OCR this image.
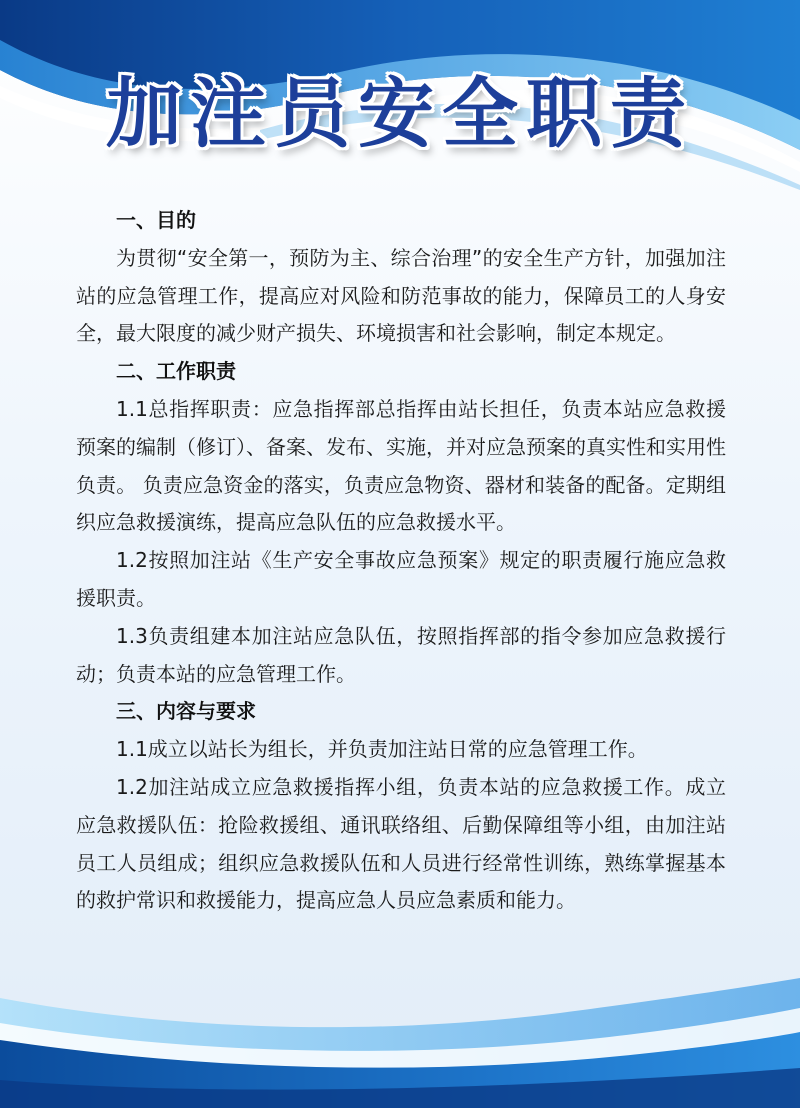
加注员安全职责
一、目的

为贯彻“安全第一，预防为主、综合治理”的安全生产方针，加强加注站的应急管理工作，提高应对风险和防范事故的能力，保障员工的人身安全，最大限度的减少财产损失、环境损害和社会影响，制定本规定。

二、工作职责

1.1总指挥职责：应急指挥部总指挥由站长担任，负责本站应急救援预案的编制（修订）、备案、发布、实施，并对应急预案的真实性和实用性负责。 负责应急资金的落实，负责应急物资、器材和装备的配备。定期组织应急救援演练，提高应急队伍的应急救援水平。

1.2按照加注站《生产安全事故应急预案》规定的职责履行施应急救援职责。

1.3负责组建本加注站应急队伍，按照指挥部的指令参加应急救援行动；负责本站的应急管理工作。

三、内容与要求

1.1成立以站长为组长，并负责加注站日常的应急管理工作。

1.2加注站成立应急救援指挥小组，负责本站的应急救援工作。成立应急救援队伍：抢险救援组、通讯联络组、后勤保障组等小组，由加注站员工人员组成；组织应急救援队伍和人员进行经常性训练，熟练掌握基本的救护常识和救援能力，提高应急人员应急素质和能力。
